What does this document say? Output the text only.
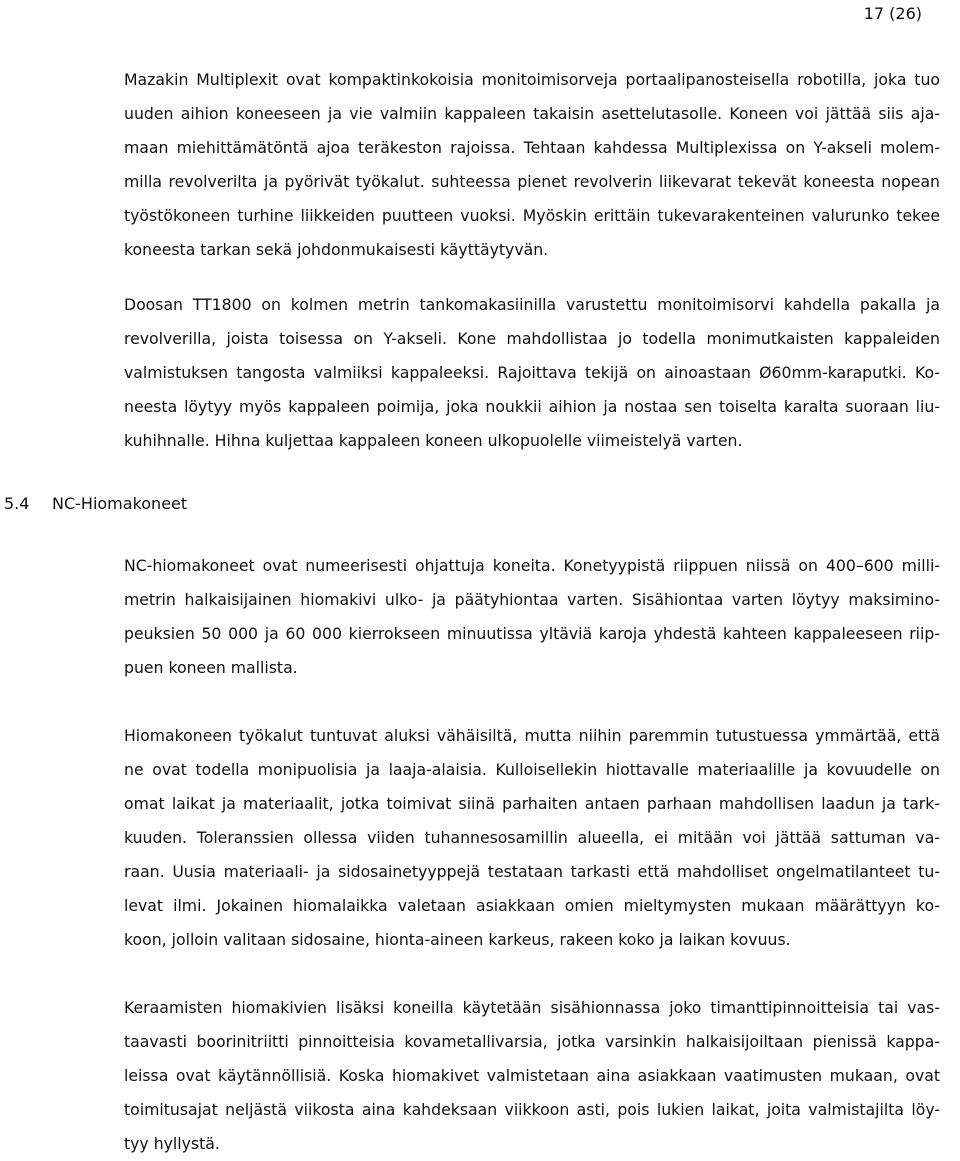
17 (26)
Mazakin Multiplexit ovat kompaktinkokoisia monitoimisorveja portaalipanosteisella robotilla, joka tuo
uuden aihion koneeseen ja vie valmiin kappaleen takaisin asettelutasolle. Koneen voi jättää siis aja-
maan miehittämätöntä ajoa teräkeston rajoissa. Tehtaan kahdessa Multiplexissa on Y-akseli molem-
milla revolverilta ja pyörivät työkalut. suhteessa pienet revolverin liikevarat tekevät koneesta nopean
työstökoneen turhine liikkeiden puutteen vuoksi. Myöskin erittäin tukevarakenteinen valurunko tekee
koneesta tarkan sekä johdonmukaisesti käyttäytyvän.
Doosan TT1800 on kolmen metrin tankomakasiinilla varustettu monitoimisorvi kahdella pakalla ja
revolverilla, joista toisessa on Y-akseli. Kone mahdollistaa jo todella monimutkaisten kappaleiden
valmistuksen tangosta valmiiksi kappaleeksi. Rajoittava tekijä on ainoastaan Ø60mm-karaputki. Ko-
neesta löytyy myös kappaleen poimija, joka noukkii aihion ja nostaa sen toiselta karalta suoraan liu-
kuhihnalle. Hihna kuljettaa kappaleen koneen ulkopuolelle viimeistelyä varten.
5.4 NC-Hiomakoneet
NC-hiomakoneet ovat numeerisesti ohjattuja koneita. Konetyypistä riippuen niissä on 400–600 milli-
metrin halkaisijainen hiomakivi ulko- ja päätyhiontaa varten. Sisähiontaa varten löytyy maksimino-
peuksien 50 000 ja 60 000 kierrokseen minuutissa yltäviä karoja yhdestä kahteen kappaleeseen riip-
puen koneen mallista.
Hiomakoneen työkalut tuntuvat aluksi vähäisiltä, mutta niihin paremmin tutustuessa ymmärtää, että
ne ovat todella monipuolisia ja laaja-alaisia. Kulloisellekin hiottavalle materiaalille ja kovuudelle on
omat laikat ja materiaalit, jotka toimivat siinä parhaiten antaen parhaan mahdollisen laadun ja tark-
kuuden. Toleranssien ollessa viiden tuhannesosamillin alueella, ei mitään voi jättää sattuman va-
raan. Uusia materiaali- ja sidosainetyyppejä testataan tarkasti että mahdolliset ongelmatilanteet tu-
levat ilmi. Jokainen hiomalaikka valetaan asiakkaan omien mieltymysten mukaan määrättyyn ko-
koon, jolloin valitaan sidosaine, hionta-aineen karkeus, rakeen koko ja laikan kovuus.
Keraamisten hiomakivien lisäksi koneilla käytetään sisähionnassa joko timanttipinnoitteisia tai vas-
taavasti boorinitriitti pinnoitteisia kovametallivarsia, jotka varsinkin halkaisijoiltaan pienissä kappa-
leissa ovat käytännöllisiä. Koska hiomakivet valmistetaan aina asiakkaan vaatimusten mukaan, ovat
toimitusajat neljästä viikosta aina kahdeksaan viikkoon asti, pois lukien laikat, joita valmistajilta löy-
tyy hyllystä.
